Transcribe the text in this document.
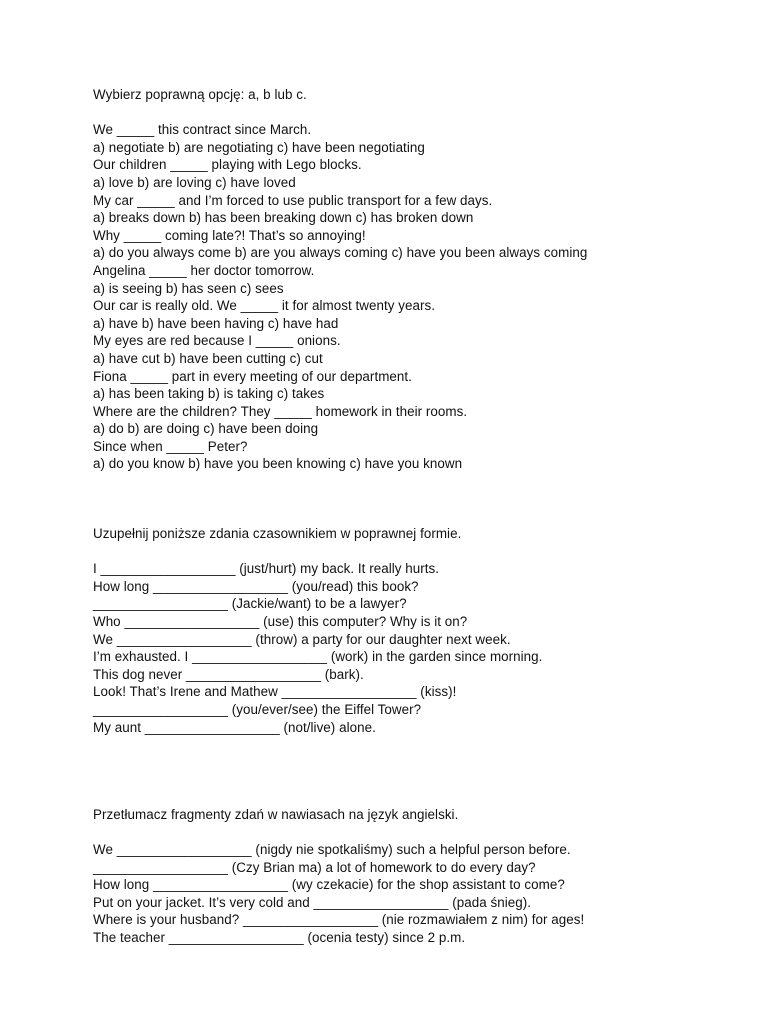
Wybierz poprawną opcję: a, b lub c.
We _____ this contract since March.
a) negotiate b) are negotiating c) have been negotiating
Our children _____ playing with Lego blocks.
a) love b) are loving c) have loved
My car _____ and I’m forced to use public transport for a few days.
a) breaks down b) has been breaking down c) has broken down
Why _____ coming late?! That’s so annoying!
a) do you always come b) are you always coming c) have you been always coming
Angelina _____ her doctor tomorrow.
a) is seeing b) has seen c) sees
Our car is really old. We _____ it for almost twenty years.
a) have b) have been having c) have had
My eyes are red because I _____ onions.
a) have cut b) have been cutting c) cut
Fiona _____ part in every meeting of our department.
a) has been taking b) is taking c) takes
Where are the children? They _____ homework in their rooms.
a) do b) are doing c) have been doing
Since when _____ Peter?
a) do you know b) have you been knowing c) have you known
Uzupełnij poniższe zdania czasownikiem w poprawnej formie.
I __________________ (just/hurt) my back. It really hurts.
How long __________________ (you/read) this book?
__________________ (Jackie/want) to be a lawyer?
Who __________________ (use) this computer? Why is it on?
We __________________ (throw) a party for our daughter next week.
I’m exhausted. I __________________ (work) in the garden since morning.
This dog never __________________ (bark).
Look! That’s Irene and Mathew __________________ (kiss)!
__________________ (you/ever/see) the Eiffel Tower?
My aunt __________________ (not/live) alone.
Przetłumacz fragmenty zdań w nawiasach na język angielski.
We __________________ (nigdy nie spotkaliśmy) such a helpful person before.
__________________ (Czy Brian ma) a lot of homework to do every day?
How long __________________ (wy czekacie) for the shop assistant to come?
Put on your jacket. It’s very cold and __________________ (pada śnieg).
Where is your husband? __________________ (nie rozmawiałem z nim) for ages!
The teacher __________________ (ocenia testy) since 2 p.m.
